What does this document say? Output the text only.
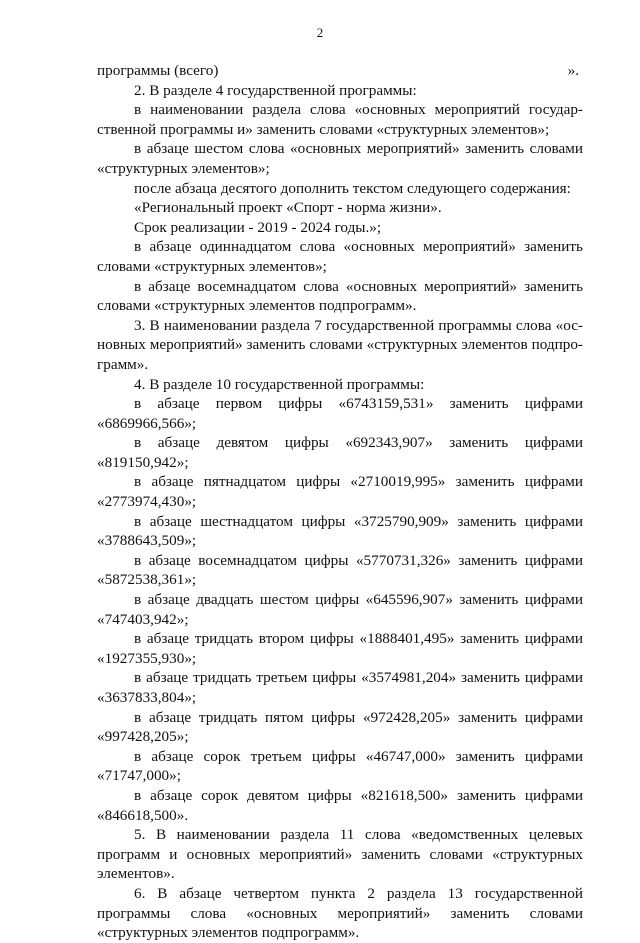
2
программы (всего)	».
2. В разделе 4 государственной программы:
в наименовании раздела слова «основных мероприятий государ-
ственной программы и» заменить словами «структурных элементов»;
в абзаце шестом слова «основных мероприятий» заменить словами
«структурных элементов»;
после абзаца десятого дополнить текстом следующего содержания:
«Региональный проект «Спорт - норма жизни».
Срок реализации - 2019 - 2024 годы.»;
в абзаце одиннадцатом слова «основных мероприятий» заменить
словами «структурных элементов»;
в абзаце восемнадцатом слова «основных мероприятий» заменить
словами «структурных элементов подпрограмм».
3. В наименовании раздела 7 государственной программы слова «ос-
новных мероприятий» заменить словами «структурных элементов подпро-
грамм».
4. В разделе 10 государственной программы:
в абзаце первом цифры «6743159,531» заменить цифрами
«6869966,566»;
в абзаце девятом цифры «692343,907» заменить цифрами
«819150,942»;
в абзаце пятнадцатом цифры «2710019,995» заменить цифрами
«2773974,430»;
в абзаце шестнадцатом цифры «3725790,909» заменить цифрами
«3788643,509»;
в абзаце восемнадцатом цифры «5770731,326» заменить цифрами
«5872538,361»;
в абзаце двадцать шестом цифры «645596,907» заменить цифрами
«747403,942»;
в абзаце тридцать втором цифры «1888401,495» заменить цифрами
«1927355,930»;
в абзаце тридцать третьем цифры «3574981,204» заменить цифрами
«3637833,804»;
в абзаце тридцать пятом цифры «972428,205» заменить цифрами
«997428,205»;
в абзаце сорок третьем цифры «46747,000» заменить цифрами
«71747,000»;
в абзаце сорок девятом цифры «821618,500» заменить цифрами
«846618,500».
5. В наименовании раздела 11 слова «ведомственных целевых
программ и основных мероприятий» заменить словами «структурных
элементов».
6. В абзаце четвертом пункта 2 раздела 13 государственной
программы слова «основных мероприятий» заменить словами
«структурных элементов подпрограмм».
